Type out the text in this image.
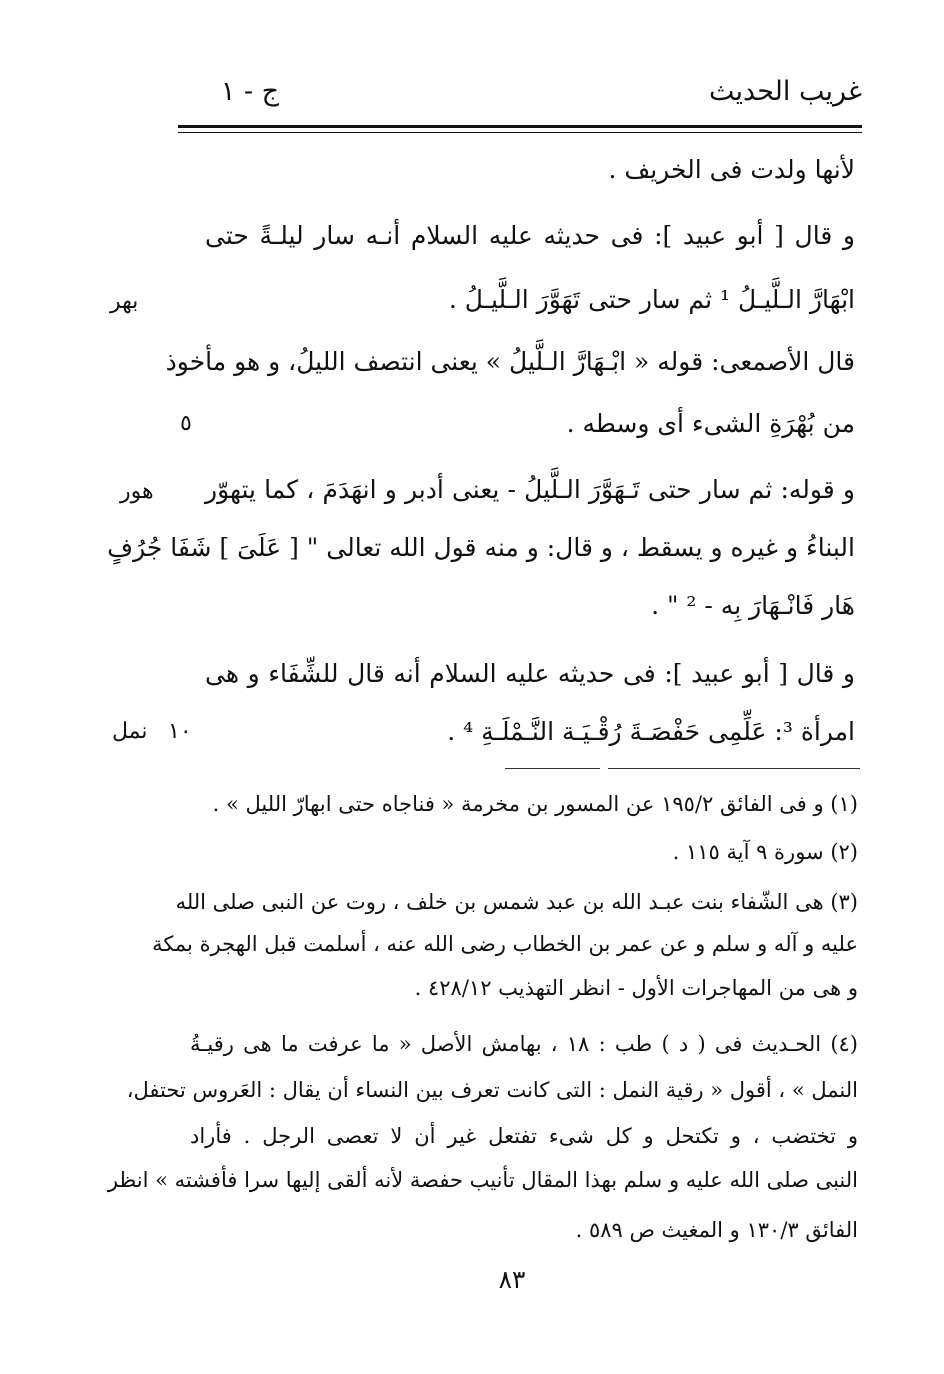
غريب الحديث
ج - ١
لأنها ولدت فى الخريف .
و قال [ أبو عبيد ]: فى حديثه عليه السلام أنـه سار ليلـةً حتى
ابْهَارَّ الـلَّيـلُ ¹ ثم سار حتى تَهَوَّرَ الـلَّيـلُ .
قال الأصمعى: قوله « ابْـهَارَّ الـلَّيلُ » يعنى انتصف الليلُ، و هو مأخوذ
من بُهْرَةِ الشىء أى وسطه .
و قوله: ثم سار حتى تَـهَوَّرَ الـلَّيلُ - يعنى أدبر و انهَدَمَ ، كما يتهوّر
البناءُ و غيره و يسقط ، و قال: و منه قول الله تعالى " [ عَلَىَ ] شَفَا جُرُفٍ
هَار فَانْـهَارَ بِه - ² " .
و قال [ أبو عبيد ]: فى حديثه عليه السلام أنه قال للشِّفَاء و هى
امرأة ³: عَلِّمِى حَفْصَـةَ رُقْـيَـة النَّـمْلَـةِ ⁴ .
بهر
٥
هور
١٠
نمل
(١) و فى الفائق ١٩٥/٢ عن المسور بن مخرمة « فناجاه حتى ابهارّ الليل » .
(٢) سورة ٩ آية ١١٥ .
(٣) هى الشّفاء بنت عبـد الله بن عبد شمس بن خلف ، روت عن النبى صلى الله
عليه و آله و سلم و عن عمر بن الخطاب رضى الله عنه ، أسلمت قبل الهجرة بمكة
و هى من المهاجرات الأول - انظر التهذيب ٤٢٨/١٢ .
(٤) الحـديث فى ( د ) طب : ١٨ ، بهامش الأصل « ما عرفت ما هى رقيـةُ
النمل » ، أقول « رقية النمل : التى كانت تعرف بين النساء أن يقال : العَروس تحتفل،
و تختضب ، و تكتحل و كل شىء تفتعل غير أن لا تعصى الرجل . فأراد
النبى صلى الله عليه و سلم بهذا المقال تأنيب حفصة لأنه ألقى إليها سرا فأفشته » انظر
الفائق ١٣٠/٣ و المغيث ص ٥٨٩ .
٨٣
